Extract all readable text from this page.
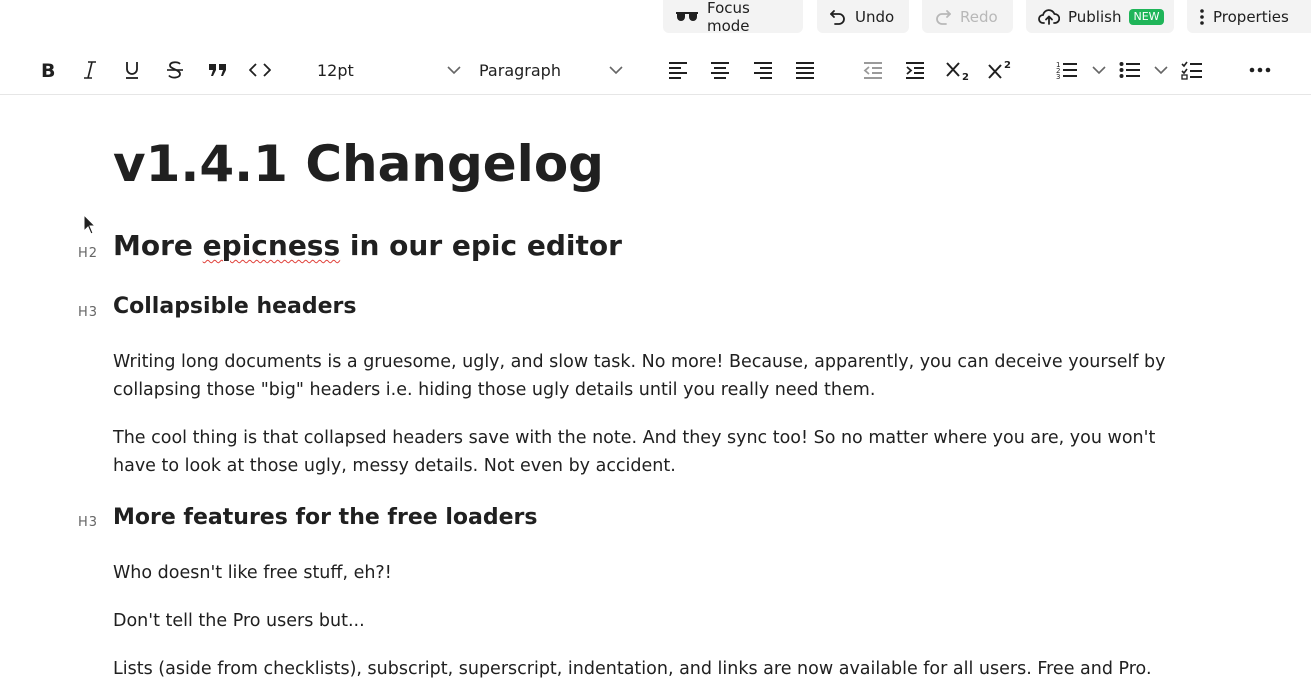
Focus mode	Undo	Redo	Publish	NEW	Properties
B	12pt	Paragraph	2
2	1
2
3
v1.4.1 Changelog
H2 More epicness in our epic editor
H3 Collapsible headers

Writing long documents is a gruesome, ugly, and slow task. No more! Because, apparently, you can deceive yourself by collapsing those "big" headers i.e. hiding those ugly details until you really need them.

The cool thing is that collapsed headers save with the note. And they sync too! So no matter where you are, you won't have to look at those ugly, messy details. Not even by accident.

H3 More features for the free loaders

Who doesn't like free stuff, eh?!

Don't tell the Pro users but...

Lists (aside from checklists), subscript, superscript, indentation, and links are now available for all users. Free and Pro.
